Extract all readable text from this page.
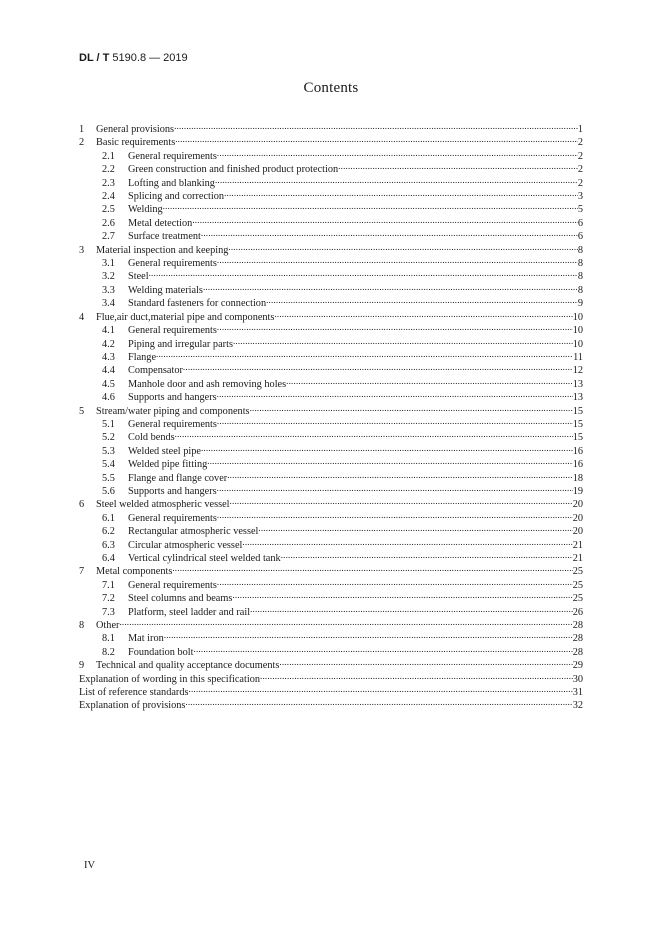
DL / T 5190.8 — 2019
Contents
1	General provisions .....	1
2	Basic requirements .....	2
2.1	General requirements .....	2
2.2	Green construction and finished product protection .....	2
2.3	Lofting and blanking .....	2
2.4	Splicing and correction .....	3
2.5	Welding .....	5
2.6	Metal detection .....	6
2.7	Surface treatment .....	6
3	Material inspection and keeping .....	8
3.1	General requirements .....	8
3.2	Steel .....	8
3.3	Welding materials .....	8
3.4	Standard fasteners for connection .....	9
4	Flue,air duct,material pipe and components .....	10
4.1	General requirements .....	10
4.2	Piping and irregular parts .....	10
4.3	Flange .....	11
4.4	Compensator .....	12
4.5	Manhole door and ash removing holes .....	13
4.6	Supports and hangers .....	13
5	Stream/water piping and components .....	15
5.1	General requirements .....	15
5.2	Cold bends .....	15
5.3	Welded steel pipe .....	16
5.4	Welded pipe fitting .....	16
5.5	Flange and flange cover .....	18
5.6	Supports and hangers .....	19
6	Steel welded atmospheric vessel .....	20
6.1	General requirements .....	20
6.2	Rectangular atmospheric vessel .....	20
6.3	Circular atmospheric vessel .....	21
6.4	Vertical cylindrical steel welded tank .....	21
7	Metal components .....	25
7.1	General requirements .....	25
7.2	Steel columns and beams .....	25
7.3	Platform, steel ladder and rail .....	26
8	Other .....	28
8.1	Mat iron .....	28
8.2	Foundation bolt .....	28
9	Technical and quality acceptance documents .....	29
Explanation of wording in this specification .....	30
List of reference standards .....	31
Explanation of provisions .....	32
IV
